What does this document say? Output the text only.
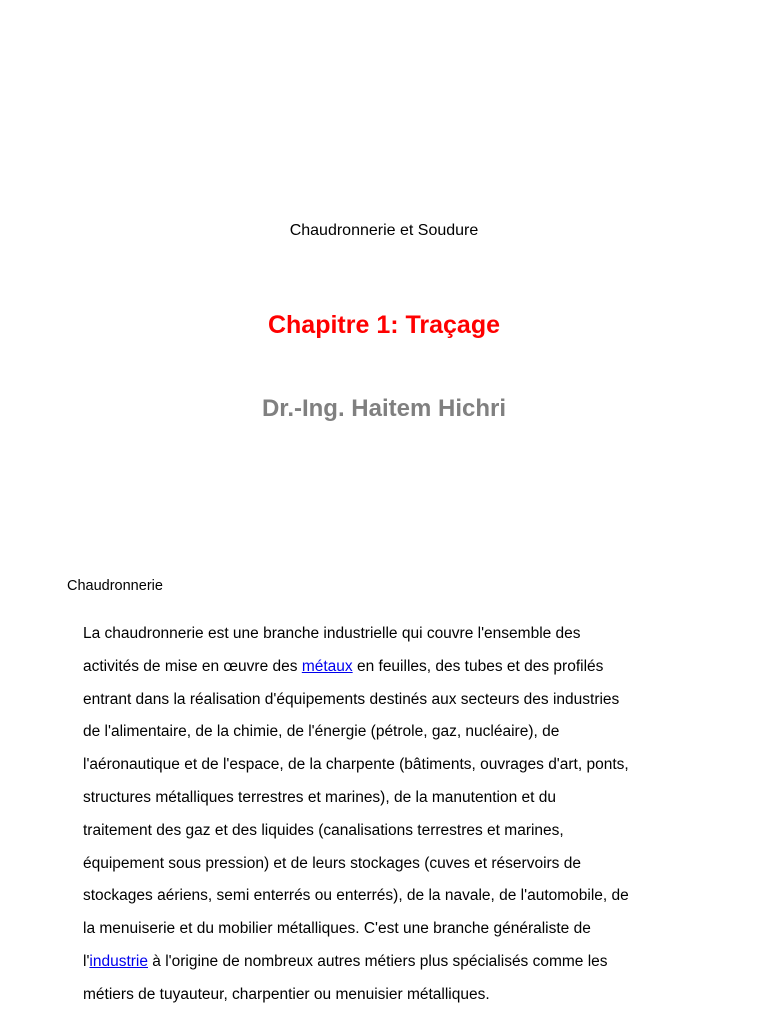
Chaudronnerie et Soudure
Chapitre 1: Traçage
Dr.-Ing. Haitem Hichri
Chaudronnerie

La chaudronnerie est une branche industrielle qui couvre l'ensemble des
activités de mise en œuvre des métaux en feuilles, des tubes et des profilés
entrant dans la réalisation d'équipements destinés aux secteurs des industries
de l'alimentaire, de la chimie, de l'énergie (pétrole, gaz, nucléaire), de
l'aéronautique et de l'espace, de la charpente (bâtiments, ouvrages d'art, ponts,
structures métalliques terrestres et marines), de la manutention et du
traitement des gaz et des liquides (canalisations terrestres et marines,
équipement sous pression) et de leurs stockages (cuves et réservoirs de
stockages aériens, semi enterrés ou enterrés), de la navale, de l'automobile, de
la menuiserie et du mobilier métalliques. C'est une branche généraliste de
l'industrie à l'origine de nombreux autres métiers plus spécialisés comme les
métiers de tuyauteur, charpentier ou menuisier métalliques.
